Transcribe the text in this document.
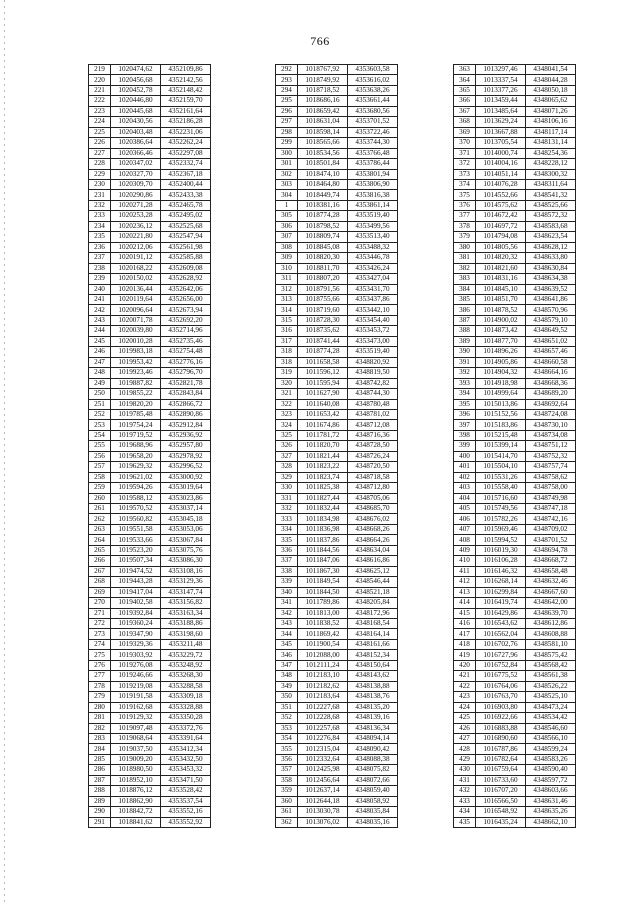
766
219	1020474,62	4352109,86
220	1020456,68	4352142,56
221	1020452,78	4352148,42
222	1020446,80	4352159,70
223	1020445,68	4352161,64
224	1020430,56	4352186,28
225	1020403,48	4352231,06
226	1020386,64	4352262,24
227	1020366,46	4352297,08
228	1020347,02	4352332,74
229	1020327,70	4352367,18
230	1020309,70	4352400,44
231	1020290,86	4352433,38
232	1020271,28	4352465,78
233	1020253,28	4352495,02
234	1020236,12	4352525,68
235	1020221,80	4352547,94
236	1020212,06	4352561,98
237	1020191,12	4352585,88
238	1020168,22	4352609,08
239	1020150,02	4352628,92
240	1020136,44	4352642,06
241	1020119,64	4352656,00
242	1020096,64	4352673,94
243	1020071,78	4352692,20
244	1020039,80	4352714,96
245	1020010,28	4352735,46
246	1019983,18	4352754,48
247	1019953,42	4352776,16
248	1019923,46	4352796,70
249	1019887,82	4352821,78
250	1019855,22	4352843,84
251	1019820,20	4352866,72
252	1019785,48	4352890,86
253	1019754,24	4352912,84
254	1019719,52	4352936,92
255	1019688,96	4352957,80
256	1019658,20	4352978,92
257	1019629,32	4352996,52
258	1019621,02	4353000,92
259	1019594,26	4353019,64
260	1019588,12	4353023,86
261	1019570,52	4353037,14
262	1019560,82	4353045,18
263	1019551,58	4353053,06
264	1019533,66	4353067,84
265	1019523,20	4353075,76
266	1019507,34	4353086,30
267	1019474,52	4353108,16
268	1019443,28	4353129,36
269	1019417,04	4353147,74
270	1019402,58	4353156,82
271	1019392,84	4353163,34
272	1019360,24	4353188,86
273	1019347,90	4353198,60
274	1019329,36	4353211,48
275	1019303,92	4353229,72
276	1019276,08	4353248,92
277	1019246,66	4353268,30
278	1019219,08	4353288,58
279	1019191,58	4353309,18
280	1019162,68	4353328,88
281	1019129,32	4353350,28
282	1019097,48	4353372,76
283	1019068,64	4353391,64
284	1019037,50	4353412,34
285	1019009,20	4353432,50
286	1018980,50	4353453,32
287	1018952,10	4353471,50
288	1018876,12	4353528,42
289	1018862,90	4353537,54
290	1018842,72	4353552,16
291	1018841,62	4353552,92
292	1018767,92	4353603,58
293	1018749,92	4353616,02
294	1018718,52	4353638,26
295	1018686,16	4353661,44
296	1018659,42	4353680,56
297	1018631,04	4353701,52
298	1018598,14	4353722,46
299	1018565,66	4353744,30
300	1018534,56	4353766,48
301	1018501,84	4353786,44
302	1018474,10	4353801,94
303	1018464,80	4353806,90
304	1018449,74	4353816,38
1	1018381,16	4353861,14
305	1018774,28	4353519,40
306	1018798,52	4353499,56
307	1018809,74	4353513,40
308	1018845,08	4353488,32
309	1018820,30	4353446,78
310	1018811,70	4353426,24
311	1018807,20	4353427,04
312	1018791,56	4353431,70
313	1018755,66	4353437,86
314	1018719,60	4353442,10
315	1018728,30	4353454,40
316	1018735,62	4353453,72
317	1018741,44	4353473,00
318	1018774,28	4353519,40
318	1011658,58	4348820,92
319	1011596,12	4348819,50
320	1011595,94	4348742,82
321	1011627,90	4348744,30
322	1011640,08	4348780,48
323	1011653,42	4348781,02
324	1011674,86	4348712,08
325	1011781,72	4348716,36
326	1011820,70	4348728,50
327	1011821,44	4348726,24
328	1011823,22	4348720,50
329	1011823,74	4348718,58
330	1011825,38	4348712,80
331	1011827,44	4348705,06
332	1011832,44	4348685,70
333	1011834,98	4348676,02
334	1011836,98	4348668,26
335	1011837,86	4348664,26
336	1011844,56	4348634,04
337	1011847,06	4348616,86
338	1011867,30	4348625,12
339	1011849,54	4348546,44
340	1011844,50	4348521,18
341	1011789,86	4348205,84
342	1011813,00	4348172,96
343	1011838,52	4348168,54
344	1011869,42	4348164,14
345	1011900,54	4348161,66
346	1012088,00	4348152,34
347	1012111,24	4348150,64
348	1012183,10	4348143,62
349	1012182,62	4348138,88
350	1012183,64	4348138,76
351	1012227,68	4348135,20
352	1012228,68	4348139,16
353	1012257,68	4348136,34
354	1012276,84	4348094,14
355	1012315,04	4348090,42
356	1012332,64	4348088,38
357	1012425,98	4348075,82
358	1012456,64	4348072,66
359	1012637,14	4348059,40
360	1012644,18	4348058,92
361	1013030,78	4348035,84
362	1013076,02	4348035,16
363	1013297,46	4348041,54
364	1013337,54	4348044,28
365	1013377,26	4348050,18
366	1013459,44	4348065,62
367	1013485,64	4348071,26
368	1013629,24	4348106,16
369	1013667,88	4348117,14
370	1013705,54	4348131,14
371	1014000,74	4348254,36
372	1014004,16	4348228,12
373	1014051,14	4348300,32
374	1014076,28	4348311,64
375	1014552,66	4348541,32
376	1014575,62	4348525,66
377	1014672,42	4348572,32
378	1014697,72	4348583,68
379	1014794,08	4348623,54
380	1014805,56	4348628,12
381	1014820,32	4348633,80
382	1014821,60	4348630,84
383	1014831,16	4348634,38
384	1014845,10	4348639,52
385	1014851,70	4348641,86
386	1014878,52	4348570,96
387	1014900,02	4348579,10
388	1014873,42	4348649,52
389	1014877,70	4348651,02
390	1014896,26	4348657,46
391	1014905,86	4348660,58
392	1014904,32	4348664,16
393	1014918,98	4348668,36
394	1014999,64	4348689,20
395	1015013,86	4348692,64
396	1015152,56	4348724,08
397	1015183,86	4348730,10
398	1015215,48	4348734,08
399	1015399,14	4348751,12
400	1015414,70	4348752,32
401	1015504,10	4348757,74
402	1015531,26	4348758,62
403	1015558,40	4348758,00
404	1015716,60	4348749,98
405	1015749,56	4348747,18
406	1015782,26	4348742,16
407	1015969,46	4348709,02
408	1015994,52	4348701,52
409	1016019,30	4348694,78
410	1016106,28	4348668,72
411	1016146,32	4348658,48
412	1016268,14	4348632,46
413	1016299,84	4348667,60
414	1016419,74	4348642,00
415	1016429,86	4348639,70
416	1016543,62	4348612,86
417	1016562,04	4348608,88
418	1016702,76	4348581,10
419	1016727,96	4348575,42
420	1016752,84	4348568,42
421	1016775,52	4348561,38
422	1016764,06	4348526,22
423	1016763,70	4348525,10
424	1016903,80	4348473,24
425	1016922,66	4348534,42
426	1016883,88	4348546,60
427	1016890,60	4348566,10
428	1016787,86	4348599,24
429	1016782,64	4348583,26
430	1016759,64	4348590,40
431	1016733,60	4348597,72
432	1016707,20	4348603,66
433	1016566,50	4348631,46
434	1016548,92	4348635,26
435	1016435,24	4348662,10
